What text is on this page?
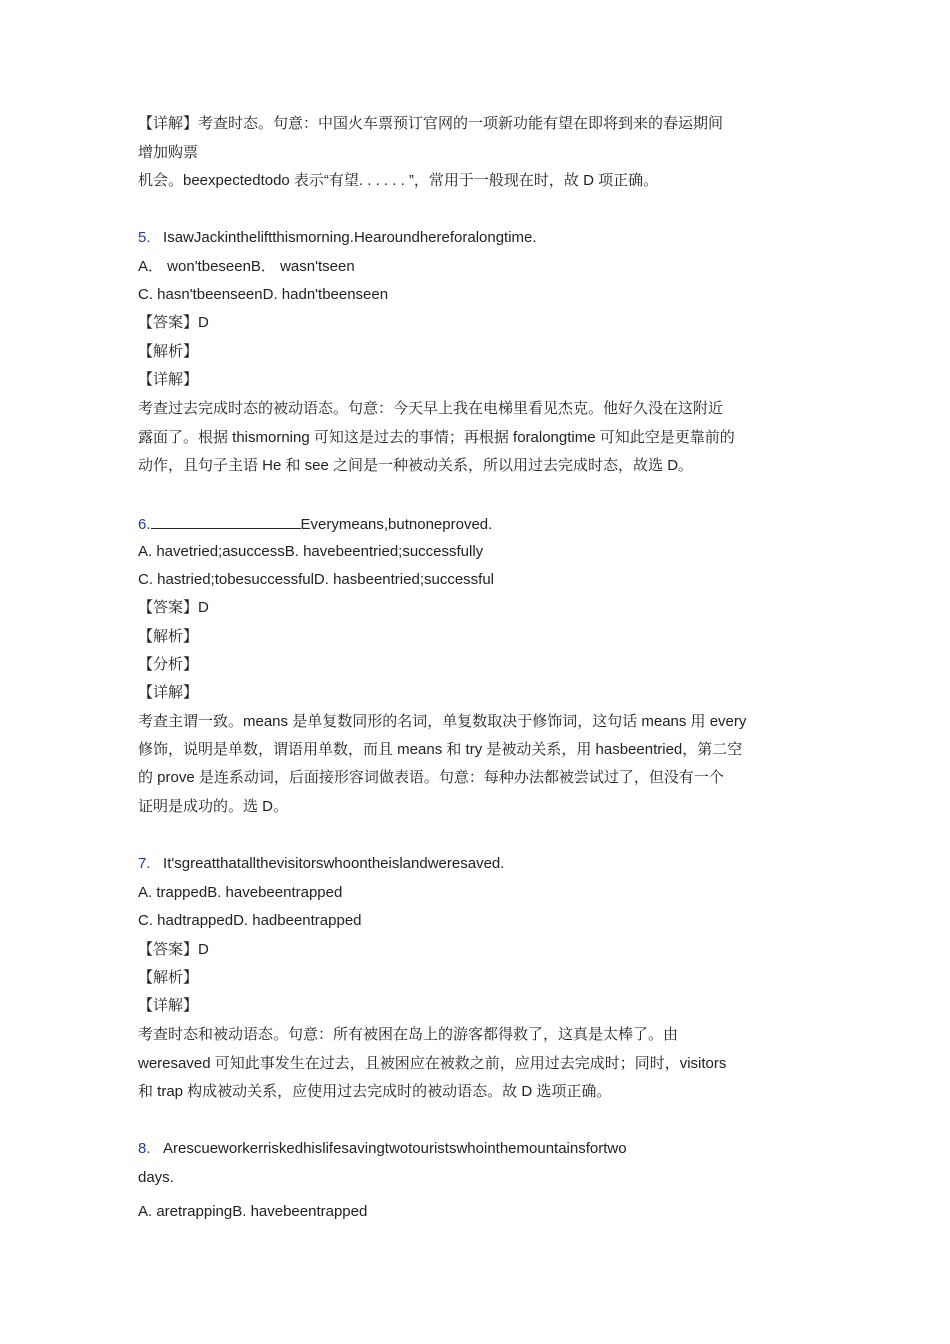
【详解】考查时态。句意：中国火车票预订官网的一项新功能有望在即将到来的春运期间
增加购票
机会。beexpectedtodo 表示“有望. . . . . . ”，常用于一般现在时，故 D 项正确。
5. IsawJackintheliftthismorning.Hearoundhereforalongtime.
A． won'tbeseenB． wasn'tseen
C. hasn'tbeenseenD. hadn'tbeenseen
【答案】D
【解析】
【详解】
考查过去完成时态的被动语态。句意：今天早上我在电梯里看见杰克。他好久没在这附近
露面了。根据 thismorning 可知这是过去的事情；再根据 foralongtime 可知此空是更靠前的
动作，且句子主语 He 和 see 之间是一种被动关系，所以用过去完成时态，故选 D。
6.	Everymeans,butnoneproved.
A. havetried;asuccessB. havebeentried;successfully
C. hastried;tobesuccessfulD. hasbeentried;successful
【答案】D
【解析】
【分析】
【详解】
考查主谓一致。means 是单复数同形的名词，单复数取决于修饰词，这句话 means 用 every
修饰，说明是单数，谓语用单数，而且 means 和 try 是被动关系，用 hasbeentried，第二空
的 prove 是连系动词，后面接形容词做表语。句意：每种办法都被尝试过了，但没有一个
证明是成功的。选 D。
7. It'sgreatthatallthevisitorswhoontheislandweresaved.
A. trappedB. havebeentrapped
C. hadtrappedD. hadbeentrapped
【答案】D
【解析】
【详解】
考查时态和被动语态。句意：所有被困在岛上的游客都得救了，这真是太棒了。由
weresaved 可知此事发生在过去，且被困应在被救之前，应用过去完成时；同时，visitors
和 trap 构成被动关系，应使用过去完成时的被动语态。故 D 选项正确。
8. Arescueworkerriskedhislifesavingtwotouristswhointhemountainsfortwo
days.
A. aretrappingB. havebeentrapped
